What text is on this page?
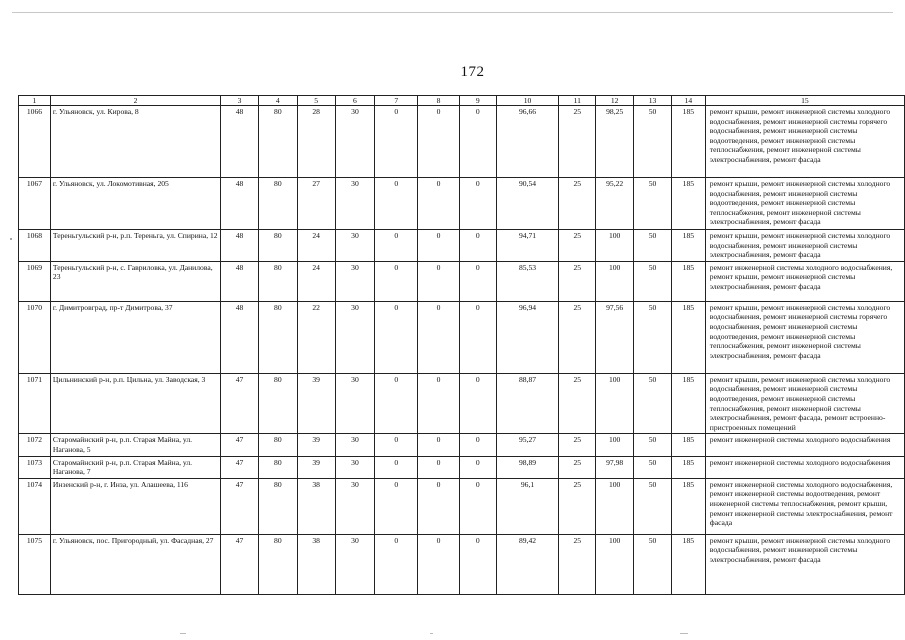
172
1	2	3	4	5	6	7	8	9	10	11	12	13	14	15
1066	г. Ульяновск, ул. Кирова, 8	48	80	28	30	0	0	0	96,66	25	98,25	50	185	ремонт крыши, ремонт инженерной системы холодного водоснабжения, ремонт инженерной системы горячего водоснабжения, ремонт инженерной системы водоотведения, ремонт инженерной системы теплоснабжения, ремонт инженерной системы электроснабжения, ремонт фасада
1067	г. Ульяновск, ул. Локомотивная, 205	48	80	27	30	0	0	0	90,54	25	95,22	50	185	ремонт крыши, ремонт инженерной системы холодного водоснабжения, ремонт инженерной системы водоотведения, ремонт инженерной системы теплоснабжения, ремонт инженерной системы электроснабжения, ремонт фасада
1068	Тереньгульский р-н, р.п. Тереньга, ул. Спирина, 12	48	80	24	30	0	0	0	94,71	25	100	50	185	ремонт крыши, ремонт инженерной системы холодного водоснабжения, ремонт инженерной системы электроснабжения, ремонт фасада
1069	Тереньгульский р-н, с. Гавриловка, ул. Данилова, 23	48	80	24	30	0	0	0	85,53	25	100	50	185	ремонт инженерной системы холодного водоснабжения, ремонт крыши, ремонт инженерной системы электроснабжения, ремонт фасада
1070	г. Димитровград, пр-т Димитрова, 37	48	80	22	30	0	0	0	96,94	25	97,56	50	185	ремонт крыши, ремонт инженерной системы холодного водоснабжения, ремонт инженерной системы горячего водоснабжения, ремонт инженерной системы водоотведения, ремонт инженерной системы теплоснабжения, ремонт инженерной системы электроснабжения, ремонт фасада
1071	Цильнинский р-н, р.п. Цильна, ул. Заводская, 3	47	80	39	30	0	0	0	88,87	25	100	50	185	ремонт крыши, ремонт инженерной системы холодного водоснабжения, ремонт инженерной системы водоотведения, ремонт инженерной системы теплоснабжения, ремонт инженерной системы электроснабжения, ремонт фасада, ремонт встроенно-пристроенных помещений
1072	Старомайнский р-н, р.п. Старая Майна, ул. Наганова, 5	47	80	39	30	0	0	0	95,27	25	100	50	185	ремонт инженерной системы холодного водоснабжения
1073	Старомайнский р-н, р.п. Старая Майна, ул. Наганова, 7	47	80	39	30	0	0	0	98,89	25	97,98	50	185	ремонт инженерной системы холодного водоснабжения
1074	Инзенский р-н, г. Инза, ул. Алашеева, 116	47	80	38	30	0	0	0	96,1	25	100	50	185	ремонт инженерной системы холодного водоснабжения, ремонт инженерной системы водоотведения, ремонт инженерной системы теплоснабжения, ремонт крыши, ремонт инженерной системы электроснабжения, ремонт фасада
1075	г. Ульяновск, пос. Пригородный, ул. Фасадная, 27	47	80	38	30	0	0	0	89,42	25	100	50	185	ремонт крыши, ремонт инженерной системы холодного водоснабжения, ремонт инженерной системы электроснабжения, ремонт фасада
